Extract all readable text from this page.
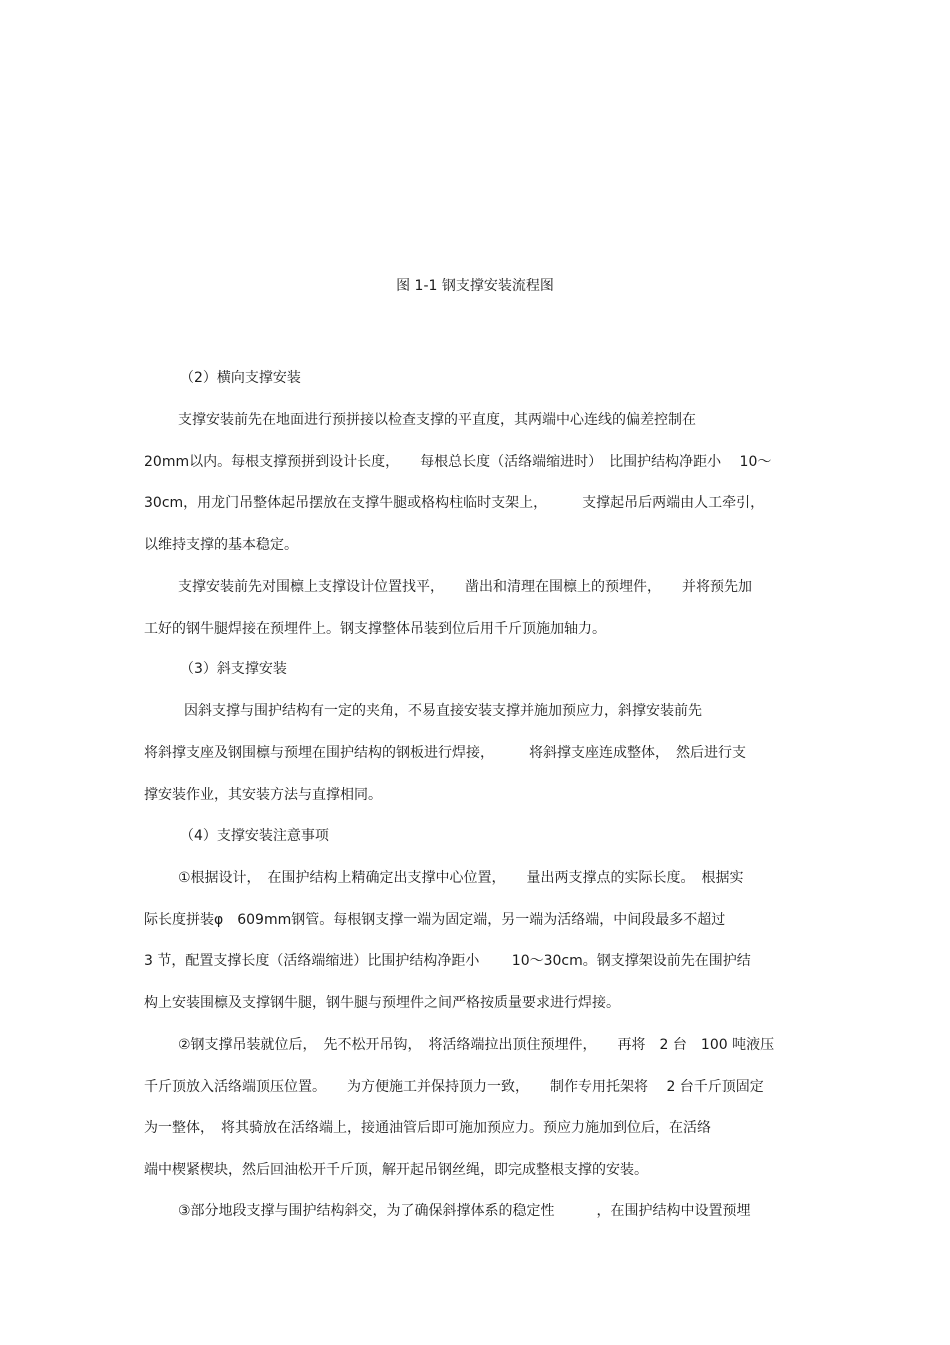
图 1-1 钢支撑安装流程图
（2）横向支撑安装
支撑安装前先在地面进行预拼接以检查支撑的平直度，其两端中心连线的偏差控制在
20mm以内。每根支撑预拼到设计长度，　　每根总长度（活络端缩进时）　比围护结构净距小　 10～
30cm，用龙门吊整体起吊摆放在支撑牛腿或格构柱临时支架上，　　　支撑起吊后两端由人工牵引，
以维持支撑的基本稳定。
支撑安装前先对围檩上支撑设计位置找平，　　凿出和清理在围檩上的预埋件，　　并将预先加
工好的钢牛腿焊接在预埋件上。钢支撑整体吊装到位后用千斤顶施加轴力。
（3）斜支撑安装
因斜支撑与围护结构有一定的夹角，不易直接安装支撑并施加预应力，斜撑安装前先
将斜撑支座及钢围檩与预埋在围护结构的钢板进行焊接，　　　将斜撑支座连成整体，　然后进行支
撑安装作业，其安装方法与直撑相同。
（4）支撑安装注意事项
①根据设计，　在围护结构上精确定出支撑中心位置，　　量出两支撑点的实际长度。　根据实
际长度拼装φ　609mm钢管。每根钢支撑一端为固定端，另一端为活络端，中间段最多不超过
3 节，配置支撑长度（活络端缩进）比围护结构净距小　　 10～30cm。钢支撑架设前先在围护结
构上安装围檩及支撑钢牛腿，钢牛腿与预埋件之间严格按质量要求进行焊接。
②钢支撑吊装就位后，　先不松开吊钩，　将活络端拉出顶住预埋件，　　再将　2 台　100 吨液压
千斤顶放入活络端顶压位置。　　为方便施工并保持顶力一致，　　制作专用托架将　 2 台千斤顶固定
为一整体，　将其骑放在活络端上，接通油管后即可施加预应力。预应力施加到位后，在活络
端中楔紧楔块，然后回油松开千斤顶，解开起吊钢丝绳，即完成整根支撑的安装。
③部分地段支撑与围护结构斜交，为了确保斜撑体系的稳定性　　　，在围护结构中设置预埋
